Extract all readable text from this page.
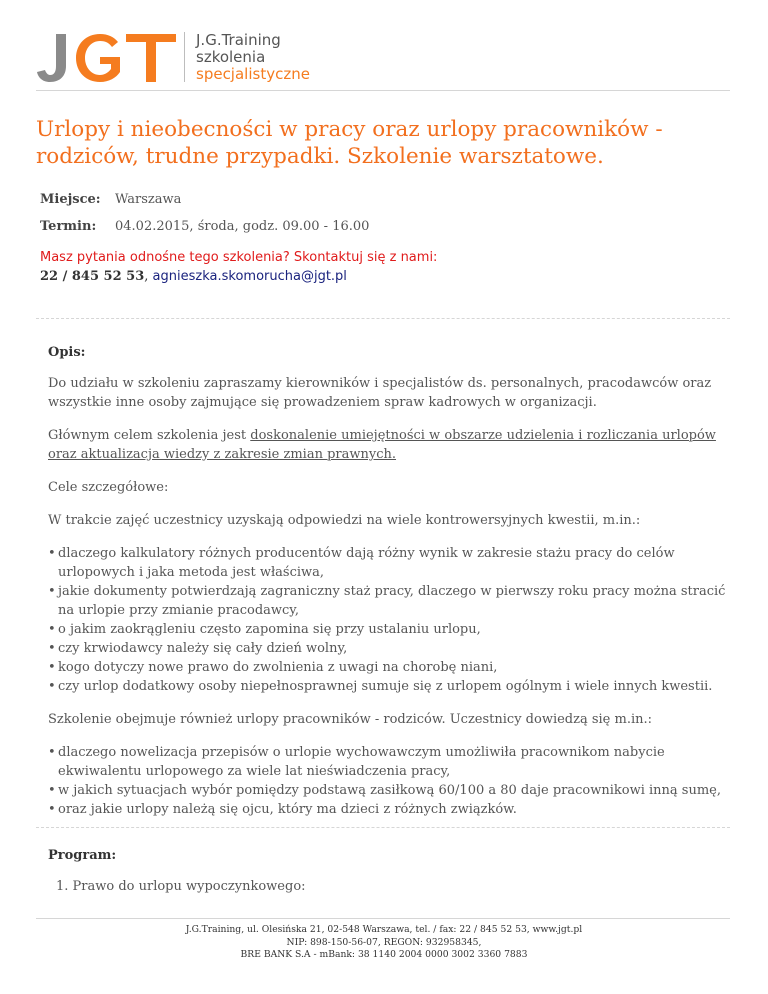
J.G.Training
szkolenia
specjalistyczne
Urlopy i nieobecności w pracy oraz urlopy pracowników - rodziców, trudne przypadki. Szkolenie warsztatowe.
Miejsce:	Warszawa
Termin:	04.02.2015, środa, godz. 09.00 - 16.00
Masz pytania odnośne tego szkolenia? Skontaktuj się z nami:
22 / 845 52 53, agnieszka.skomorucha@jgt.pl
Opis:

Do udziału w szkoleniu zapraszamy kierowników i specjalistów ds. personalnych, pracodawców oraz wszystkie inne osoby zajmujące się prowadzeniem spraw kadrowych w organizacji.

Głównym celem szkolenia jest doskonalenie umiejętności w obszarze udzielenia i rozliczania urlopów oraz aktualizacja wiedzy z zakresie zmian prawnych.

Cele szczegółowe:

W trakcie zajęć uczestnicy uzyskają odpowiedzi na wiele kontrowersyjnych kwestii, m.in.:

• dlaczego kalkulatory różnych producentów dają różny wynik w zakresie stażu pracy do celów urlopowych i jaka metoda jest właściwa,
• jakie dokumenty potwierdzają zagraniczny staż pracy, dlaczego w pierwszy roku pracy można stracić na urlopie przy zmianie pracodawcy,
• o jakim zaokrągleniu często zapomina się przy ustalaniu urlopu,
• czy krwiodawcy należy się cały dzień wolny,
• kogo dotyczy nowe prawo do zwolnienia z uwagi na chorobę niani,
• czy urlop dodatkowy osoby niepełnosprawnej sumuje się z urlopem ogólnym i wiele innych kwestii.

Szkolenie obejmuje również urlopy pracowników - rodziców. Uczestnicy dowiedzą się m.in.:

• dlaczego nowelizacja przepisów o urlopie wychowawczym umożliwiła pracownikom nabycie ekwiwalentu urlopowego za wiele lat nieświadczenia pracy,
• w jakich sytuacjach wybór pomiędzy podstawą zasiłkową 60/100 a 80 daje pracownikowi inną sumę,
• oraz jakie urlopy należą się ojcu, który ma dzieci z różnych związków.
Program:
1. Prawo do urlopu wypoczynkowego:
J.G.Training, ul. Olesińska 21, 02-548 Warszawa, tel. / fax: 22 / 845 52 53, www.jgt.pl
NIP: 898-150-56-07, REGON: 932958345,
BRE BANK S.A - mBank: 38 1140 2004 0000 3002 3360 7883
